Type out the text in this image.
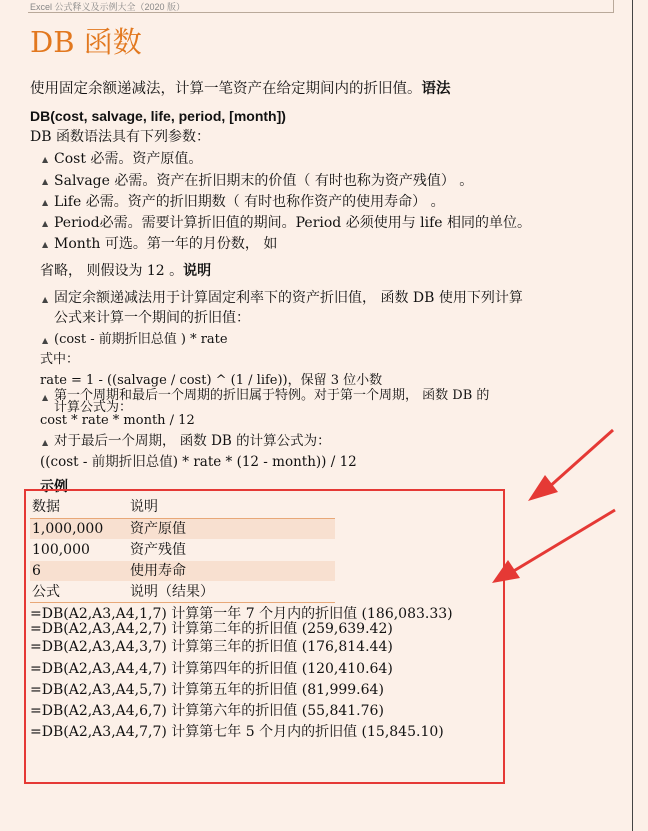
Excel 公式释义及示例大全（2020 版）
DB 函数
使用固定余额递减法，计算一笔资产在给定期间内的折旧值。语法
DB(cost, salvage, life, period, [month])
DB 函数语法具有下列参数：
▲ Cost 必需。资产原值。
▲ Salvage 必需。资产在折旧期末的价值（ 有时也称为资产残值） 。
▲ Life 必需。资产的折旧期数（ 有时也称作资产的使用寿命） 。
▲ Period必需。需要计算折旧值的期间。Period 必须使用与 life 相同的单位。
▲ Month 可选。第一年的月份数， 如
省略， 则假设为 12 。说明
▲ 固定余额递减法用于计算固定利率下的资产折旧值， 函数 DB 使用下列计算
公式来计算一个期间的折旧值：
▲ (cost - 前期折旧总值 ) * rate
式中：
rate = 1 - ((salvage / cost) ^ (1 / life))，保留 3 位小数
▲ 第一个周期和最后一个周期的折旧属于特例。对于第一个周期， 函数 DB 的
计算公式为：
cost * rate * month / 12
▲ 对于最后一个周期， 函数 DB 的计算公式为：
((cost - 前期折旧总值) * rate * (12 - month)) / 12
示例
数据	说明
1,000,000 资产原值
100,000	资产残值
6	使用寿命
公式	说明（结果）
=DB(A2,A3,A4,1,7) 计算第一年 7 个月内的折旧值 (186,083.33)
=DB(A2,A3,A4,2,7) 计算第二年的折旧值 (259,639.42)
=DB(A2,A3,A4,3,7) 计算第三年的折旧值 (176,814.44)
=DB(A2,A3,A4,4,7) 计算第四年的折旧值 (120,410.64)
=DB(A2,A3,A4,5,7) 计算第五年的折旧值 (81,999.64)
=DB(A2,A3,A4,6,7) 计算第六年的折旧值 (55,841.76)
=DB(A2,A3,A4,7,7) 计算第七年 5 个月内的折旧值 (15,845.10)
